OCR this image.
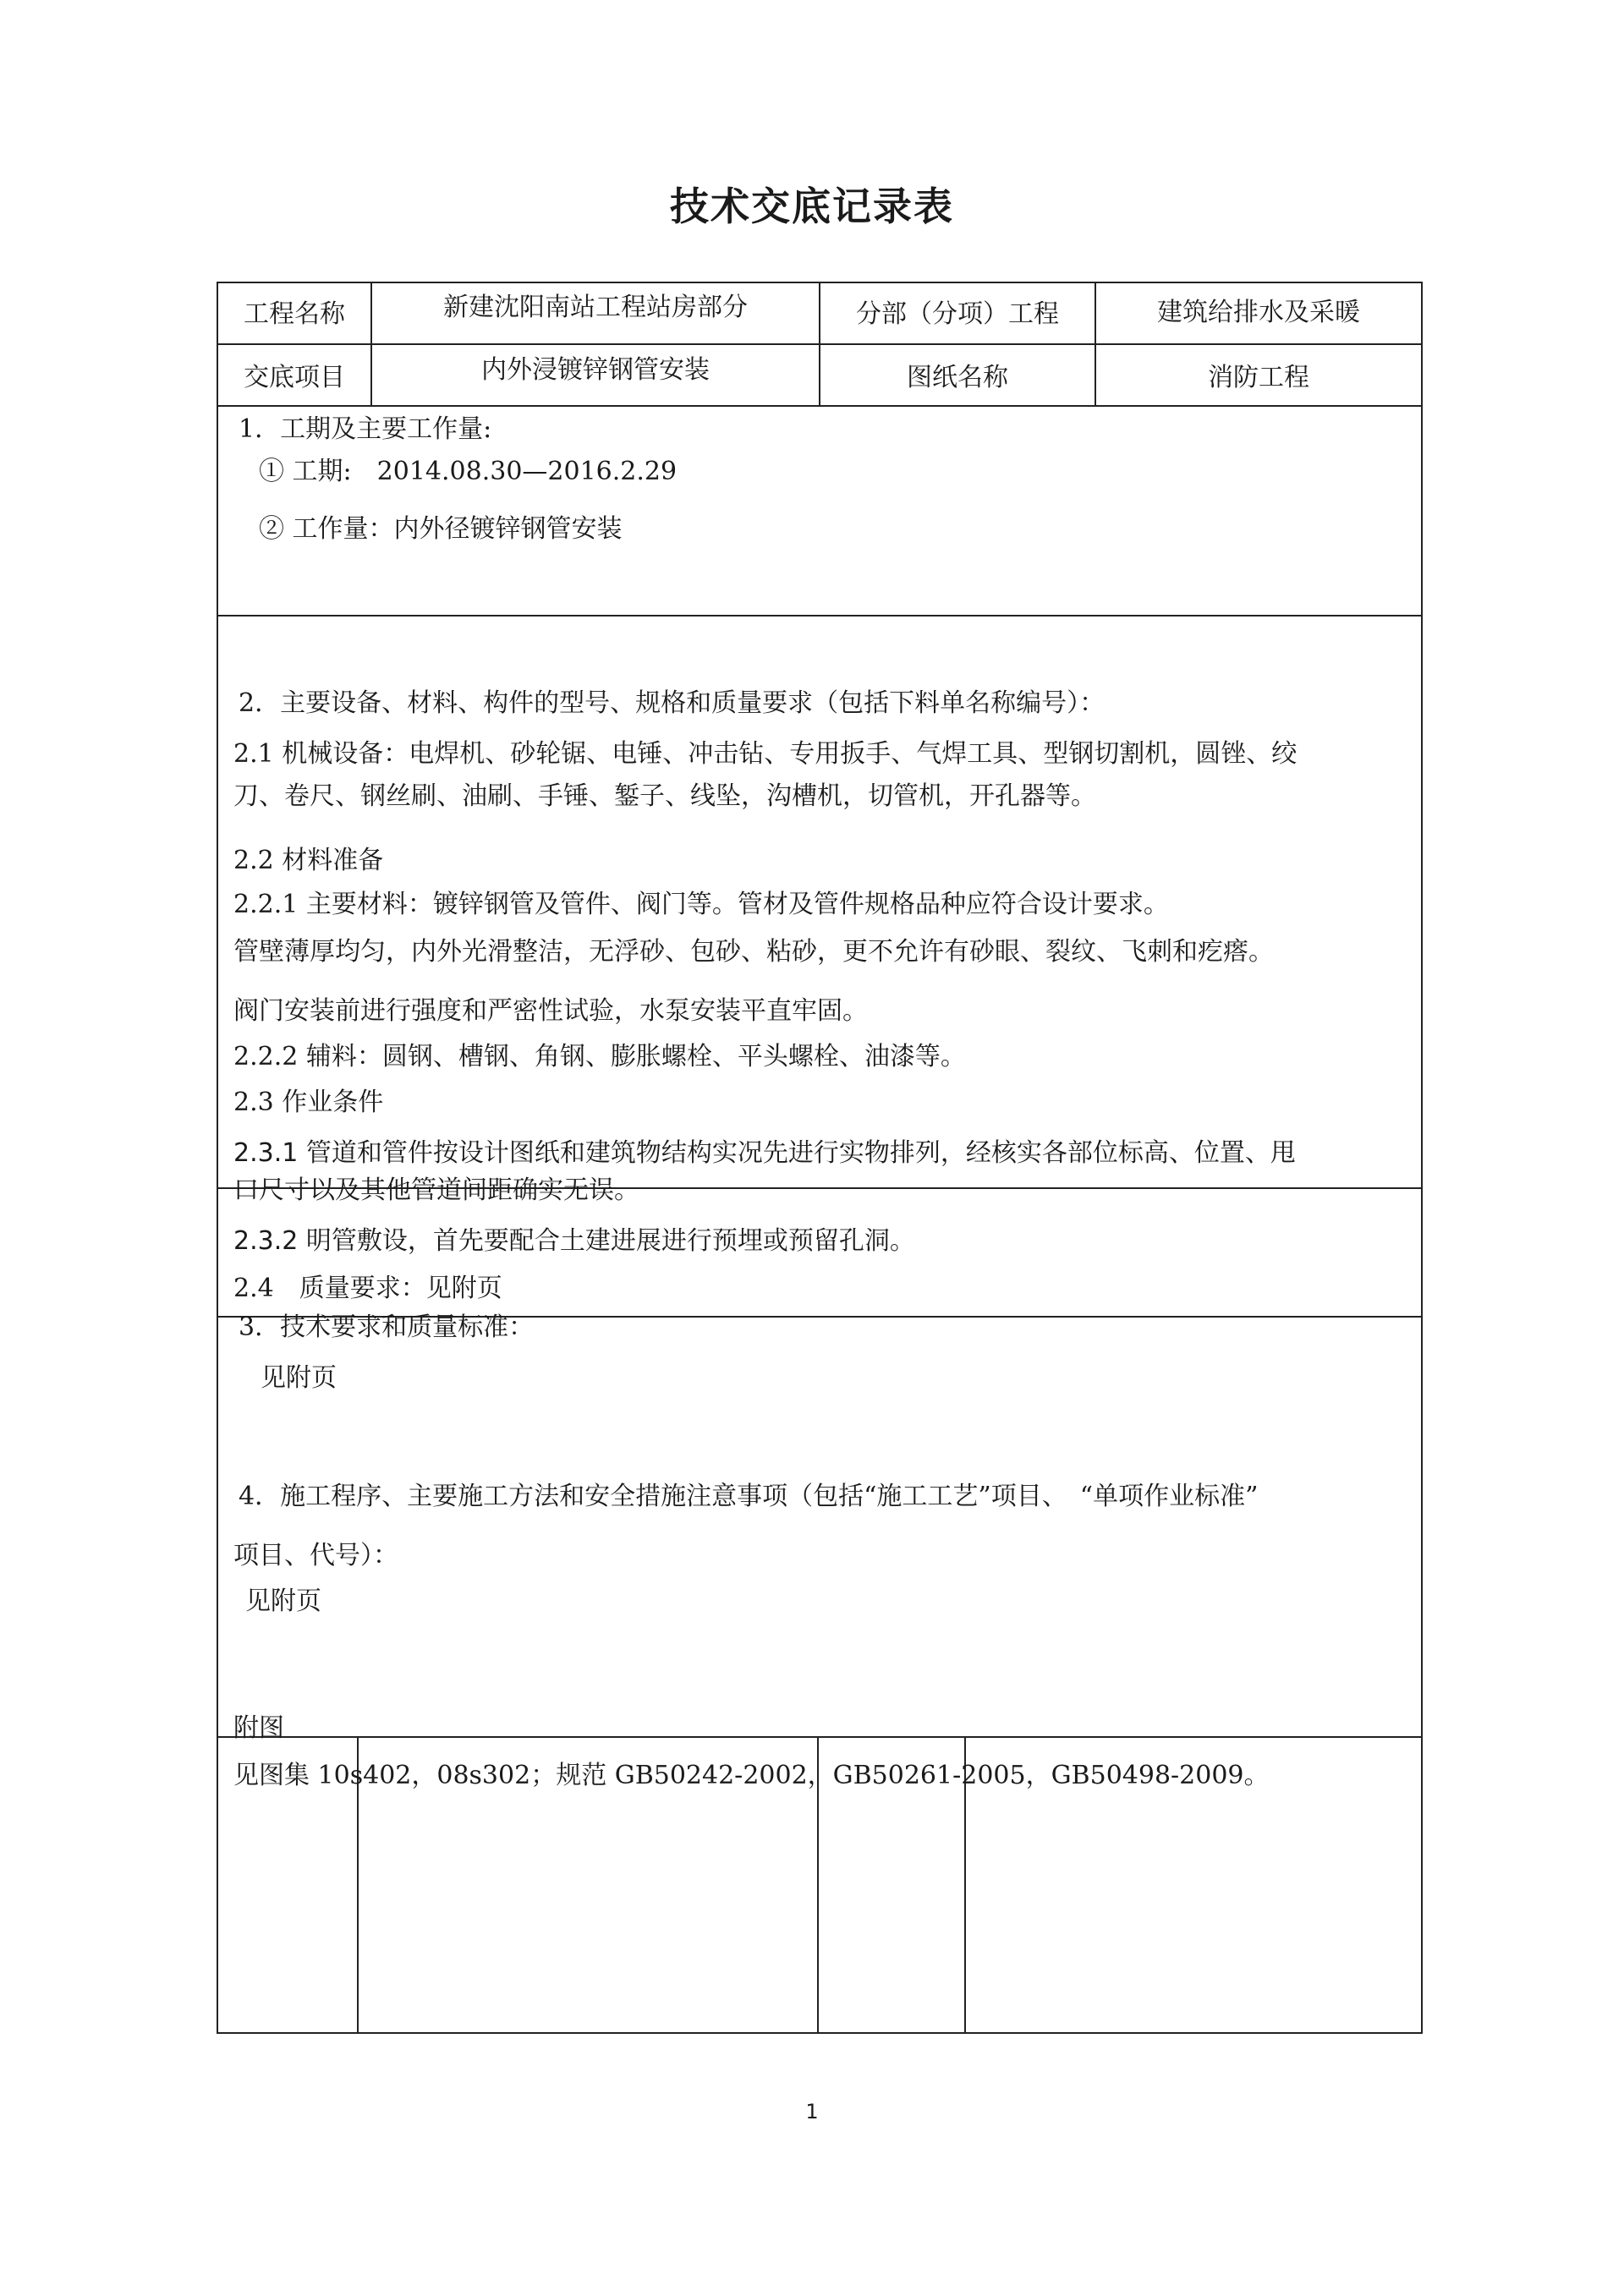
技术交底记录表
工程名称	新建沈阳南站工程站房部分	分部（分项）工程	建筑给排水及采暖
交底项目	内外浸镀锌钢管安装	图纸名称	消防工程
1．工期及主要工作量:
① 工期:　2014.08.30—2016.2.29
② 工作量：内外径镀锌钢管安装
2．主要设备、材料、构件的型号、规格和质量要求（包括下料单名称编号）：
2.1 机械设备：电焊机、砂轮锯、电锤、冲击钻、专用扳手、气焊工具、型钢切割机，圆锉、绞
刀、卷尺、钢丝刷、油刷、手锤、錾子、线坠，沟槽机，切管机，开孔器等。
2.2 材料准备
2.2.1 主要材料：镀锌钢管及管件、阀门等。管材及管件规格品种应符合设计要求。
管壁薄厚均匀，内外光滑整洁，无浮砂、包砂、粘砂，更不允许有砂眼、裂纹、飞刺和疙瘩。
阀门安装前进行强度和严密性试验，水泵安装平直牢固。
2.2.2 辅料：圆钢、槽钢、角钢、膨胀螺栓、平头螺栓、油漆等。
2.3 作业条件
2.3.1 管道和管件按设计图纸和建筑物结构实况先进行实物排列，经核实各部位标高、位置、甩
口尺寸以及其他管道间距确实无误。
2.3.2 明管敷设，首先要配合土建进展进行预埋或预留孔洞。
2.4　质量要求：见附页
3．技术要求和质量标准：
见附页
4．施工程序、主要施工方法和安全措施注意事项（包括“施工工艺”项目、　“单项作业标准”
项目、代号）：
见附页
附图
见图集 10s402，08s302；规范 GB50242-2002，GB50261-2005，GB50498-2009。
1
